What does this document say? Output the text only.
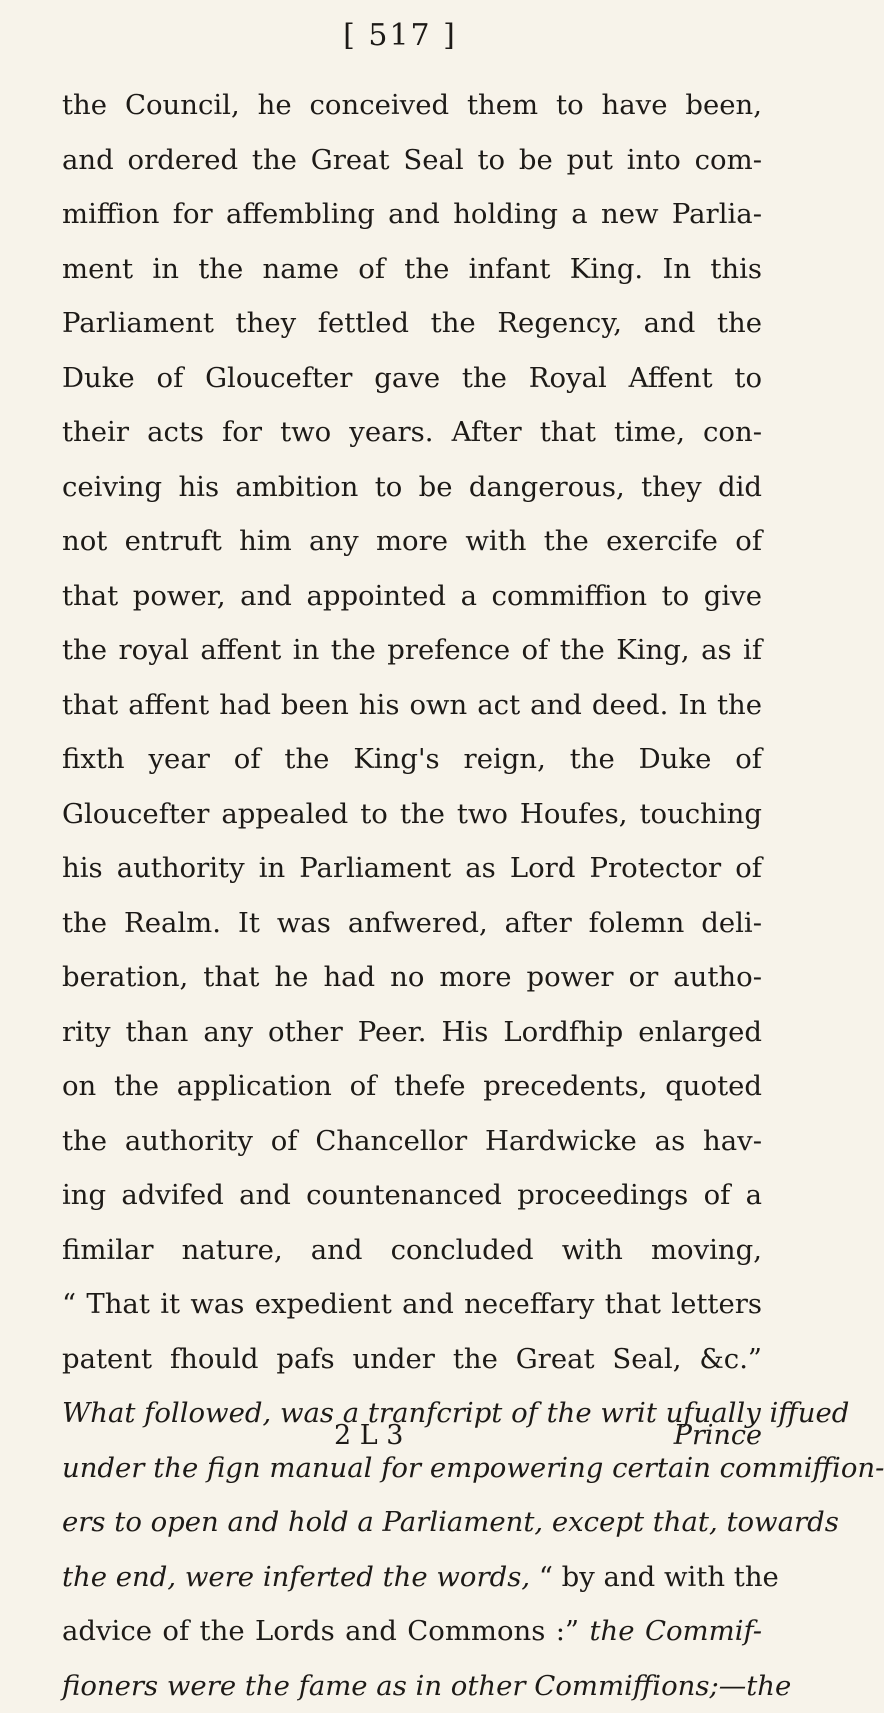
[ 517 ]
the Council, he conceived them to have been,
and ordered the Great Seal to be put into com-
miffion for affembling and holding a new Parlia-
ment in the name of the infant King. In this
Parliament they fettled the Regency, and the
Duke of Gloucefter gave the Royal Affent to
their acts for two years. After that time, con-
ceiving his ambition to be dangerous, they did
not entruft him any more with the exercife of
that power, and appointed a commiffion to give
the royal affent in the prefence of the King, as if
that affent had been his own act and deed. In the
fixth year of the King's reign, the Duke of
Gloucefter appealed to the two Houfes, touching
his authority in Parliament as Lord Protector of
the Realm. It was anfwered, after folemn deli-
beration, that he had no more power or autho-
rity than any other Peer. His Lordfhip enlarged
on the application of thefe precedents, quoted
the authority of Chancellor Hardwicke as hav-
ing advifed and countenanced proceedings of a
fimilar nature, and concluded with moving,
“ That it was expedient and neceffary that letters
patent fhould pafs under the Great Seal, &c.”
What followed, was a tranfcript of the writ ufually iffued
under the fign manual for empowering certain commiffion-
ers to open and hold a Parliament, except that, towards
the end, were inferted the words, “ by and with the
advice of the Lords and Commons :” the Commif-
fioners were the fame as in other Commiffions;—the
2 L 3	Prince
